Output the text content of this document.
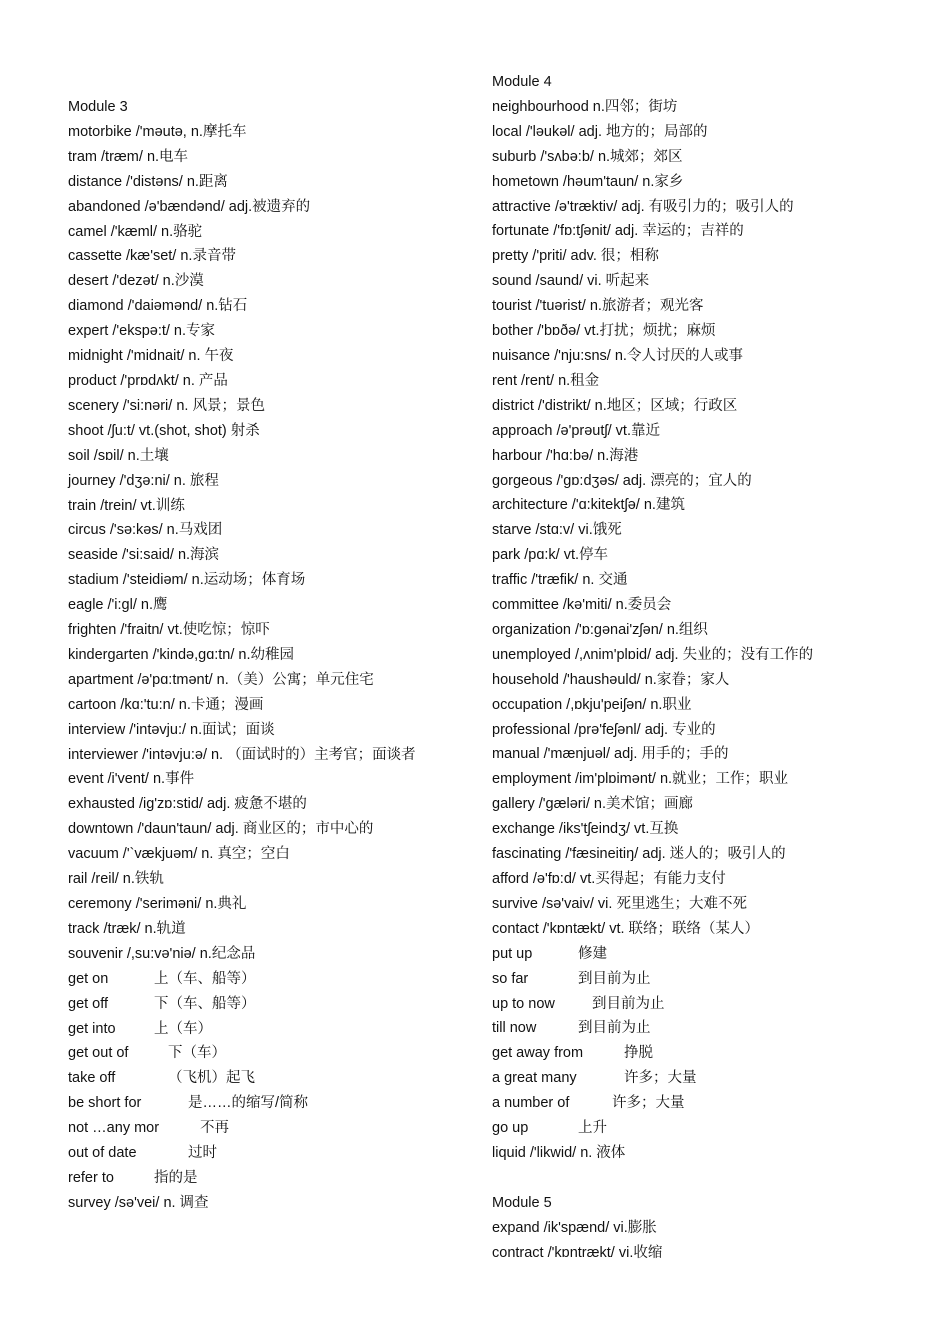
Module 3
motorbike /'məutə, n.摩托车
tram /træm/ n.电车
distance /'distəns/ n.距离
abandoned /ə'bændənd/ adj.被遗弃的
camel /'kæml/ n.骆驼
cassette /kæ'set/ n.录音带
desert /'dezət/ n.沙漠
diamond /'daiəmənd/ n.钻石
expert /'ekspə:t/ n.专家
midnight /'midnait/ n. 午夜
product /'prɒdʌkt/ n. 产品
scenery /'si:nəri/ n. 风景；景色
shoot /ʃu:t/ vt.(shot, shot) 射杀
soil /sɒil/ n.土壤
journey /'dʒə:ni/ n. 旅程
train /trein/ vt.训练
circus /'sə:kəs/ n.马戏团
seaside /'si:said/ n.海滨
stadium /'steidiəm/ n.运动场；体育场
eagle /'i:gl/ n.鹰
frighten /'fraitn/ vt.使吃惊；惊吓
kindergarten /'kində,gɑ:tn/ n.幼稚园
apartment /ə'pɑ:tmənt/ n.（美）公寓；单元住宅
cartoon /kɑ:'tu:n/ n.卡通；漫画
interview /'intəvju:/ n.面试；面谈
interviewer /'intəvju:ə/ n. （面试时的）主考官；面谈者
event /i'vent/ n.事件
exhausted /ig'zɒ:stid/ adj. 疲惫不堪的
downtown /'daun'taun/ adj. 商业区的；市中心的
vacuum /'`vækjuəm/ n. 真空；空白
rail /reil/ n.铁轨
ceremony /'seriməni/ n.典礼
track /træk/ n.轨道
souvenir /,su:və'niə/ n.纪念品
get on	上（车、船等）
get off	下（车、船等）
get into	上（车）
get out of	下（车）
take off	（飞机）起飞
be short for	是……的缩写/简称
not …any mor	不再
out of date	过时
refer to	指的是
survey /sə'vei/ n. 调查
Module 4
neighbourhood n.四邻；街坊
local /'ləukəl/ adj. 地方的；局部的
suburb /'sʌbə:b/ n.城郊；郊区
hometown /həum'taun/ n.家乡
attractive /ə'træktiv/ adj. 有吸引力的；吸引人的
fortunate /'fɒ:tʃənit/ adj. 幸运的；吉祥的
pretty /'priti/ adv. 很；相称
sound /saund/ vi. 听起来
tourist /'tuərist/ n.旅游者；观光客
bother /'bɒðə/ vt.打扰；烦扰；麻烦
nuisance /'nju:sns/ n.令人讨厌的人或事
rent /rent/ n.租金
district /'distrikt/ n.地区；区域；行政区
approach /ə'prəutʃ/ vt.靠近
harbour /'hɑ:bə/ n.海港
gorgeous /'gɒ:dʒəs/ adj. 漂亮的；宜人的
architecture /'ɑ:kitektʃə/ n.建筑
starve /stɑ:v/ vi.饿死
park /pɑ:k/ vt.停车
traffic /'træfik/ n. 交通
committee /kə'miti/ n.委员会
organization /'ɒ:gənai'zʃən/ n.组织
unemployed /,ʌnim'plɒid/ adj. 失业的；没有工作的
household /'haushəuld/ n.家眷；家人
occupation /,ɒkju'peiʃən/ n.职业
professional /prə'feʃənl/ adj. 专业的
manual /'mænjuəl/ adj. 用手的；手的
employment /im'plɒimənt/ n.就业；工作；职业
gallery /'gæləri/ n.美术馆；画廊
exchange /iks'tʃeindʒ/ vt.互换
fascinating /'fæsineitiŋ/ adj. 迷人的；吸引人的
afford /ə'fɒ:d/ vt.买得起；有能力支付
survive /sə'vaiv/ vi. 死里逃生；大难不死
contact /'kɒntækt/ vt. 联络；联络（某人）
put up	修建
so far	到目前为止
up to now	到目前为止
till now	到目前为止
get away from	挣脱
a great many	许多；大量
a number of	许多；大量
go up	上升
liquid /'likwid/ n. 液体
Module 5
expand /ik'spænd/ vi.膨胀
contract /'kɒntrækt/ vi.收缩
